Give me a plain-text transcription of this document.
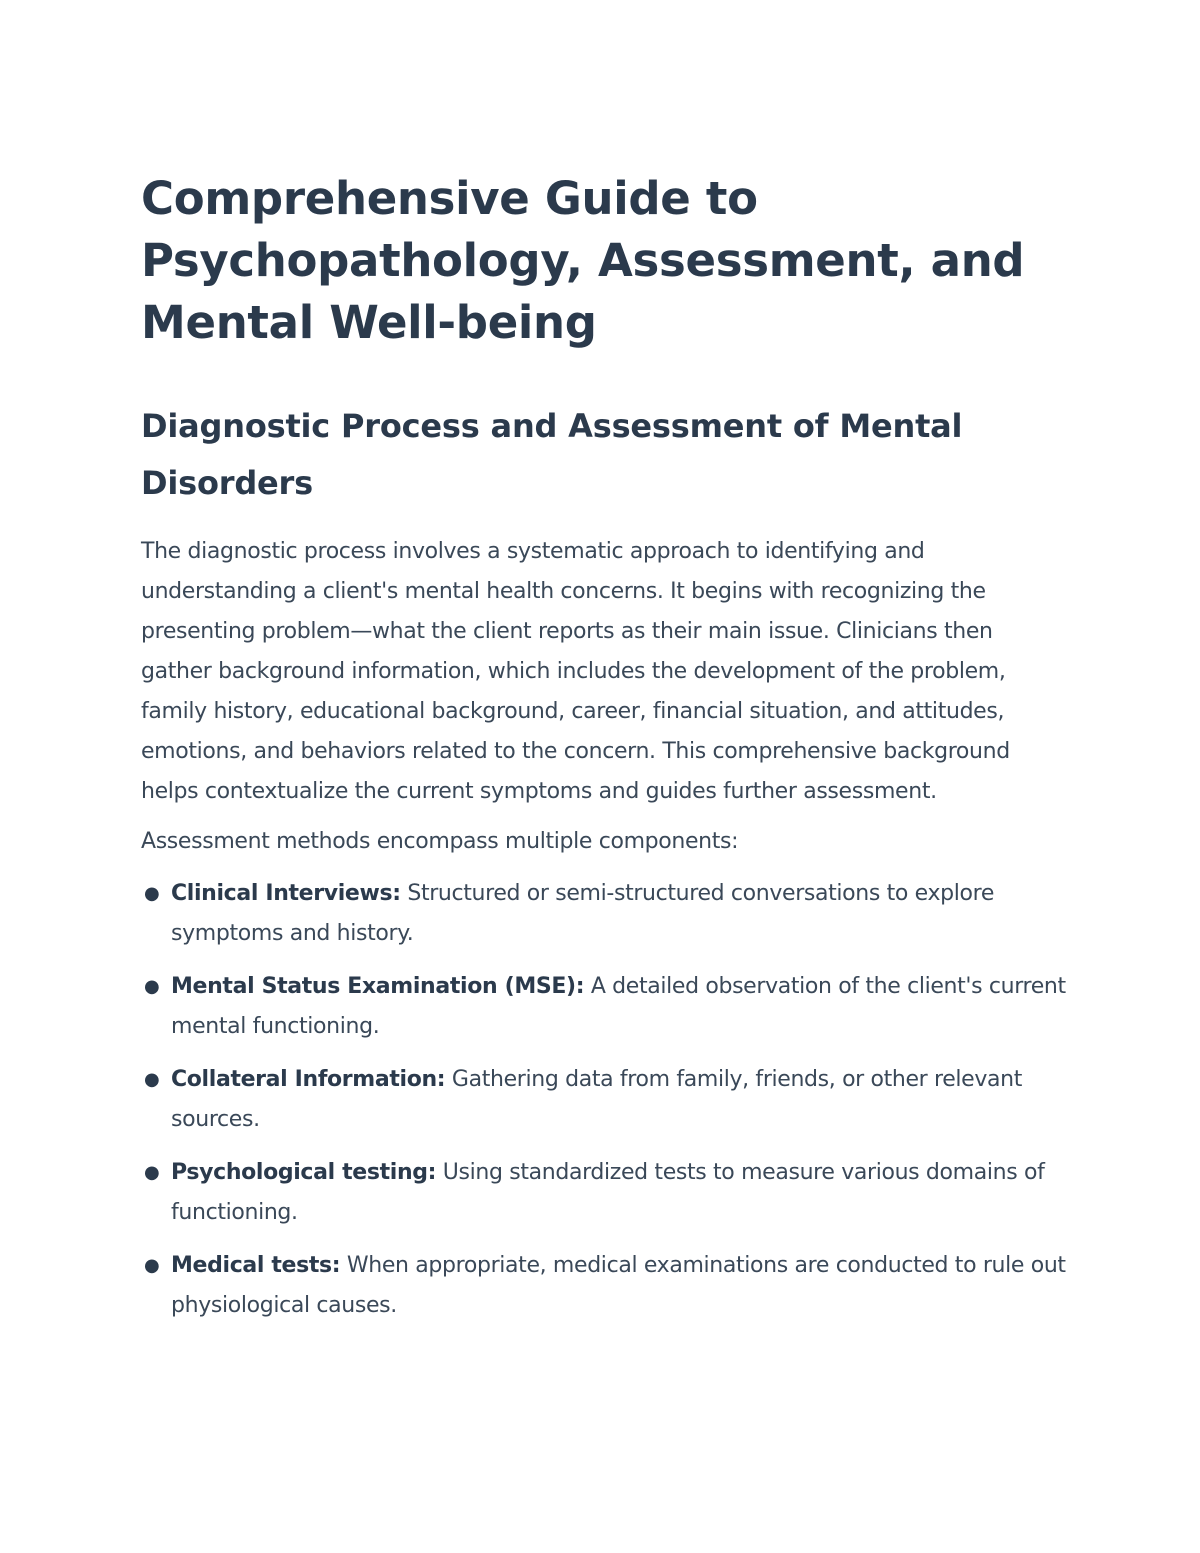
Comprehensive Guide to Psychopathology, Assessment, and Mental Well-being
Diagnostic Process and Assessment of Mental Disorders

The diagnostic process involves a systematic approach to identifying and understanding a client's mental health concerns. It begins with recognizing the presenting problem—what the client reports as their main issue. Clinicians then gather background information, which includes the development of the problem, family history, educational background, career, financial situation, and attitudes, emotions, and behaviors related to the concern. This comprehensive background helps contextualize the current symptoms and guides further assessment.

Assessment methods encompass multiple components:

● Clinical Interviews: Structured or semi-structured conversations to explore symptoms and history.
● Mental Status Examination (MSE): A detailed observation of the client's current mental functioning.
● Collateral Information: Gathering data from family, friends, or other relevant sources.
● Psychological testing: Using standardized tests to measure various domains of functioning.
● Medical tests: When appropriate, medical examinations are conducted to rule out physiological causes.
